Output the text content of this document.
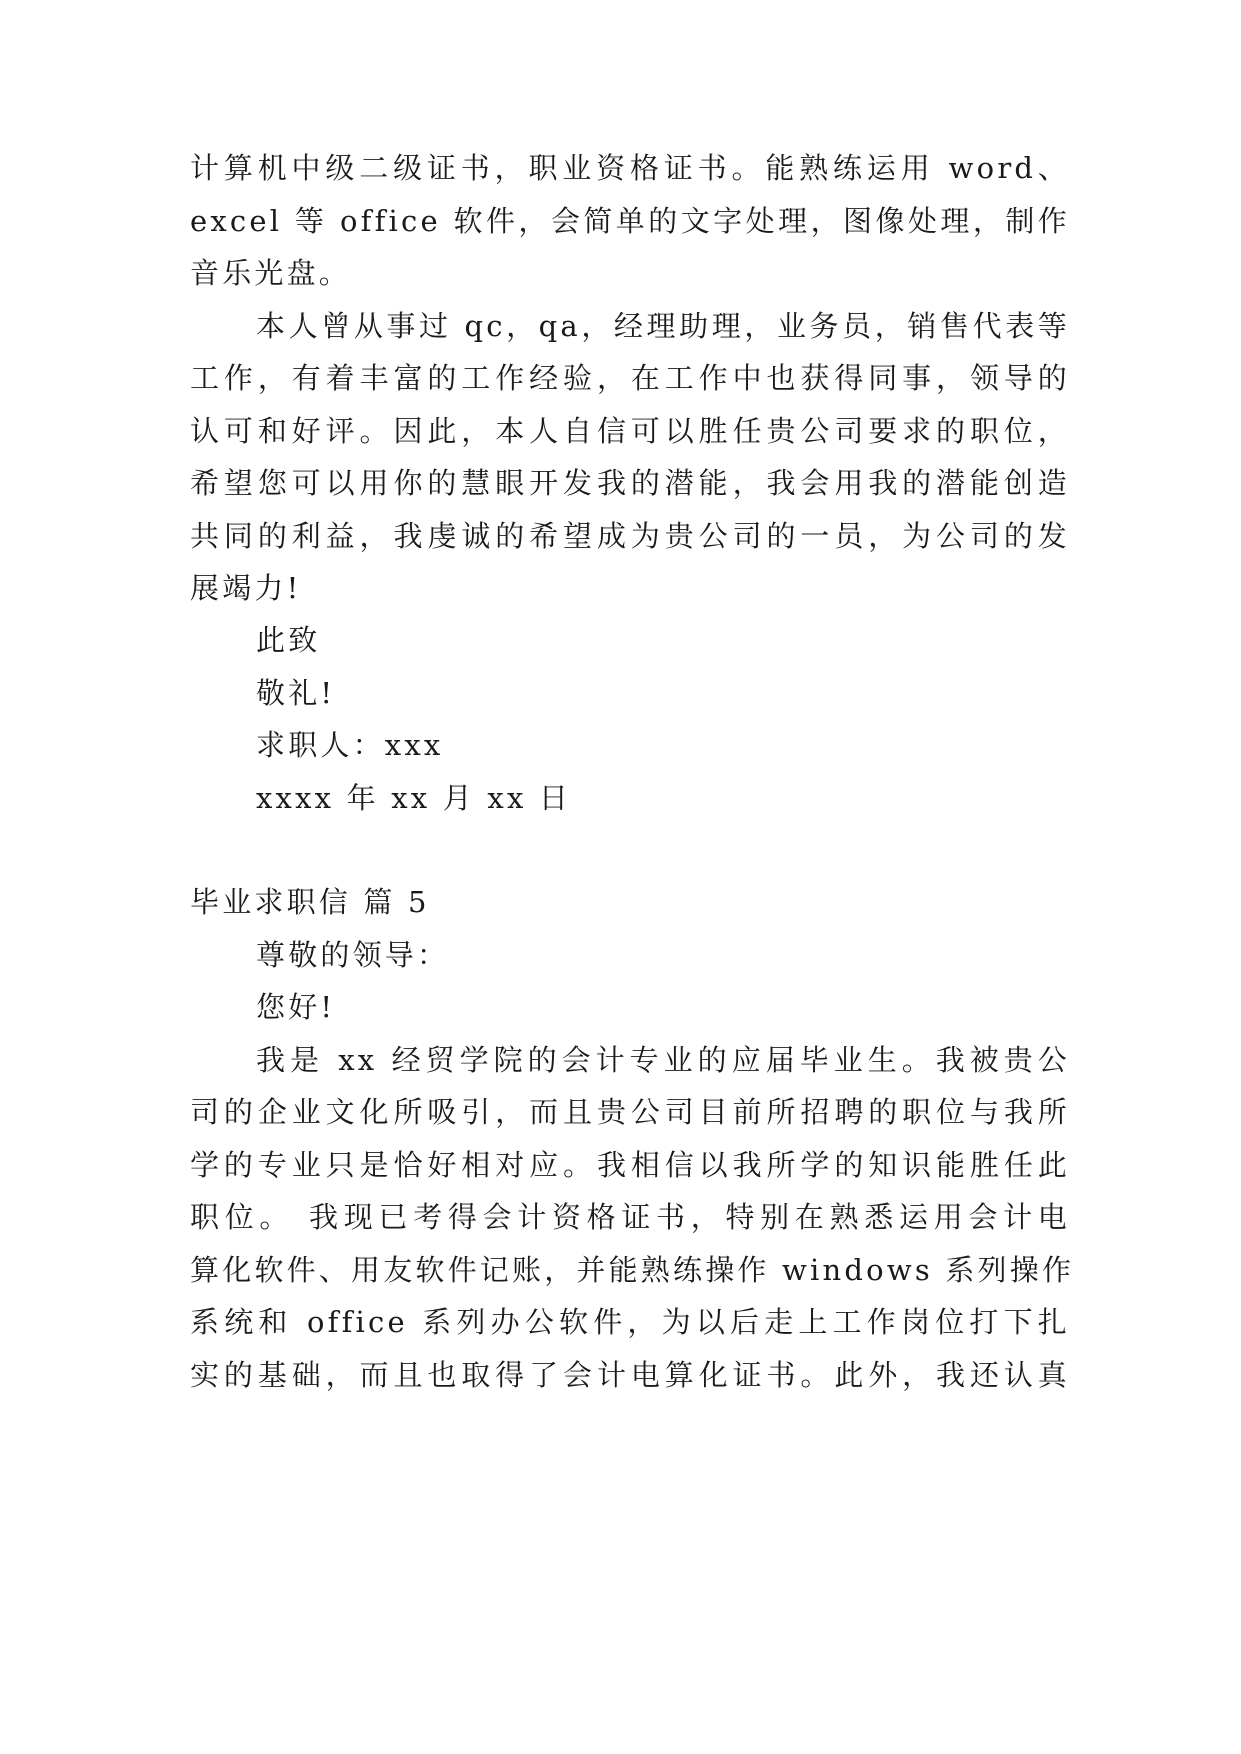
计算机中级二级证书，职业资格证书。能熟练运用 word、
excel 等 office 软件，会简单的文字处理，图像处理，制作
音乐光盘。
本人曾从事过 qc，qa，经理助理，业务员，销售代表等
工作，有着丰富的工作经验，在工作中也获得同事，领导的
认可和好评。因此，本人自信可以胜任贵公司要求的职位，
希望您可以用你的慧眼开发我的潜能，我会用我的潜能创造
共同的利益，我虔诚的希望成为贵公司的一员，为公司的发
展竭力!
此致
敬礼!
求职人：xxx
xxxx 年 xx 月 xx 日
毕业求职信 篇 5
尊敬的领导：
您好!
我是 xx 经贸学院的会计专业的应届毕业生。我被贵公
司的企业文化所吸引，而且贵公司目前所招聘的职位与我所
学的专业只是恰好相对应。我相信以我所学的知识能胜任此
职位。 我现已考得会计资格证书，特别在熟悉运用会计电
算化软件、用友软件记账，并能熟练操作 windows 系列操作
系统和 office 系列办公软件，为以后走上工作岗位打下扎
实的基础，而且也取得了会计电算化证书。此外，我还认真
